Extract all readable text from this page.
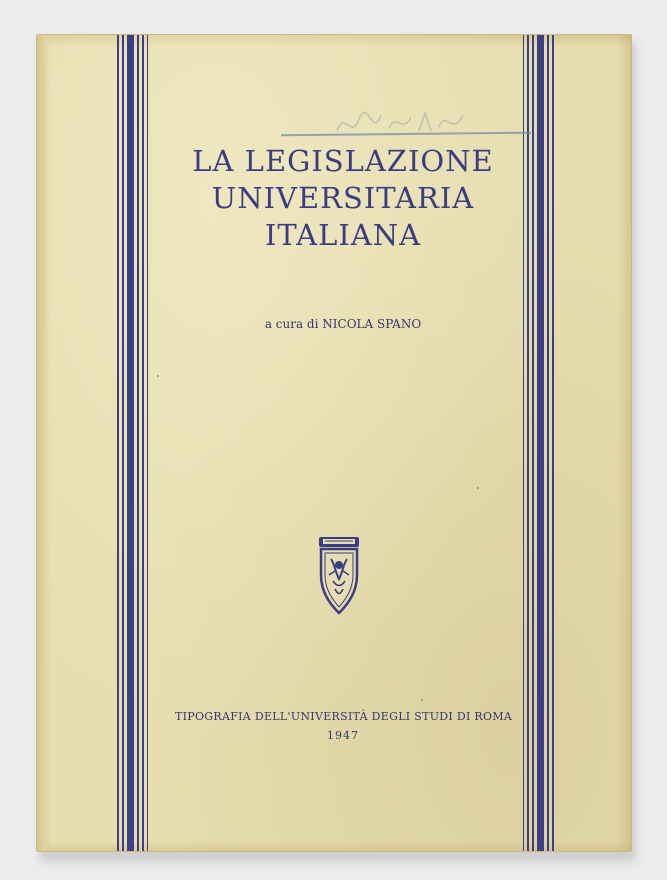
LA LEGISLAZIONE
UNIVERSITARIA
ITALIANA
a cura di NICOLA SPANO
TIPOGRAFIA DELL'UNIVERSITÀ DEGLI STUDI DI ROMA
1947
